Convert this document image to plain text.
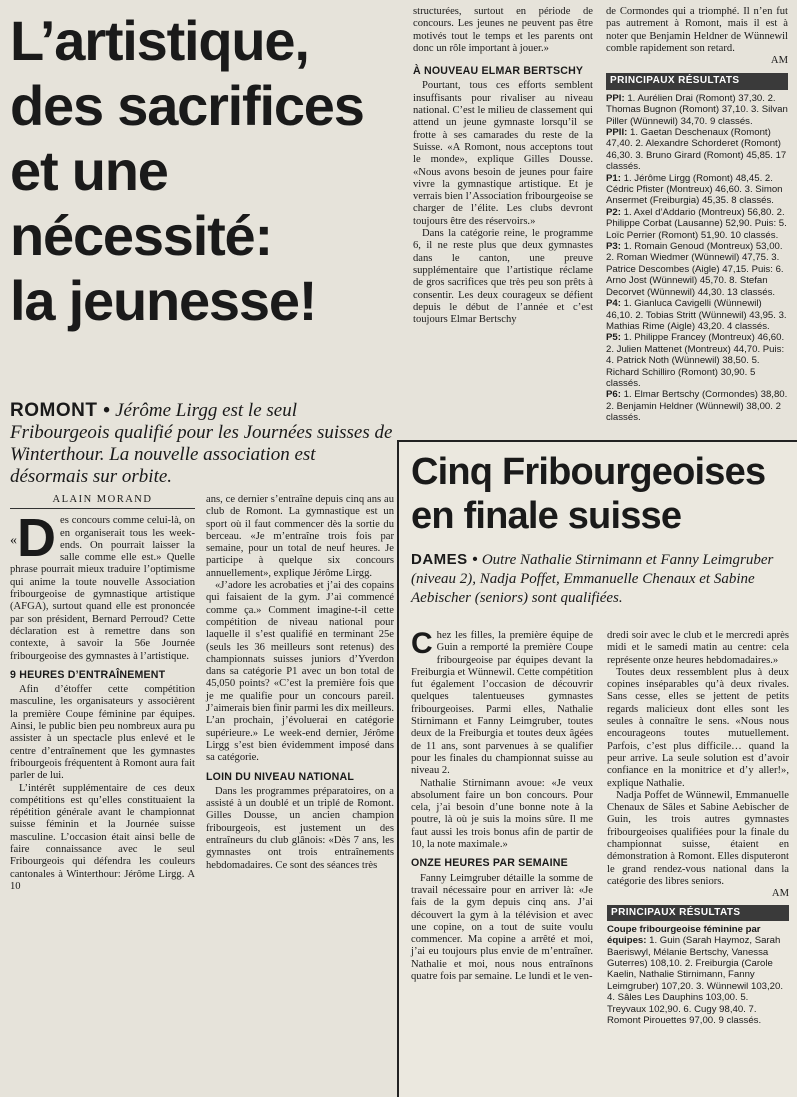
L’artistique,
des sacrifices
et une
nécessité:
la jeunesse!
ROMONT • Jérôme Lirgg est le seul Fribourgeois qualifié pour les Journées suisses de Winterthour. La nouvelle association est désormais sur orbite.
ALAIN MORAND

« D es concours comme celui-là, on en organiserait tous les week-ends. On pourrait laisser la salle comme elle est.» Quelle phrase pourrait mieux traduire l’optimisme qui anime la toute nouvelle Association fribourgeoise de gymnastique artistique (AFGA), surtout quand elle est prononcée par son président, Bernard Perroud? Cette déclaration est à remettre dans son contexte, à savoir la 56e Journée fribourgeoise des gymnastes à l’artistique.

9 HEURES D’ENTRAÎNEMENT

Afin d’étoffer cette compétition masculine, les organisateurs y associèrent la première Coupe féminine par équipes. Ainsi, le public bien peu nombreux aura pu assister à un spectacle plus enlevé et le centre d’entraînement que les gymnastes fribourgeois fréquentent à Romont aura fait parler de lui.

L’intérêt supplémentaire de ces deux compétitions est qu’elles constituaient la répétition générale avant le championnat suisse féminin et la Journée suisse masculine. L’occasion était ainsi belle de faire connaissance avec le seul Fribourgeois qui défendra les couleurs cantonales à Winterthour: Jérôme Lirgg. A 10

ans, ce dernier s’entraîne depuis cinq ans au club de Romont. La gymnastique est un sport où il faut commencer dès la sortie du berceau. «Je m’entraîne trois fois par semaine, pour un total de neuf heures. Je participe à quelque six concours annuellement», explique Jérôme Lirgg.

«J’adore les acrobaties et j’ai des copains qui faisaient de la gym. J’ai commencé comme ça.» Comment imagine-t-il cette compétition de niveau national pour laquelle il s’est qualifié en terminant 25e (seuls les 36 meilleurs sont retenus) des championnats suisses juniors d’Yverdon dans sa catégorie P1 avec un bon total de 45,050 points? «C’est la première fois que je me qualifie pour un concours pareil. J’aimerais bien finir parmi les dix meilleurs. L’an prochain, j’évoluerai en catégorie supérieure.» Le week-end dernier, Jérôme Lirgg s’est bien évidemment imposé dans sa catégorie.

LOIN DU NIVEAU NATIONAL

Dans les programmes préparatoires, on a assisté à un doublé et un triplé de Romont. Gilles Dousse, un ancien champion fribourgeois, est justement un des entraîneurs du club glânois: «Dès 7 ans, les gymnastes ont trois entraînements hebdomadaires. Ce sont des séances très

structurées, surtout en période de concours. Les jeunes ne peuvent pas être motivés tout le temps et les parents ont donc un rôle important à jouer.»

À NOUVEAU ELMAR BERTSCHY

Pourtant, tous ces efforts semblent insuffisants pour rivaliser au niveau national. C’est le milieu de classement qui attend un jeune gymnaste lorsqu’il se frotte à ses camarades du reste de la Suisse. «A Romont, nous acceptons tout le monde», explique Gilles Dousse. «Nous avons besoin de jeunes pour faire vivre la gymnastique artistique. Et je verrais bien l’Association fribourgeoise se charger de l’élite. Les clubs devront toujours être des réservoirs.»

Dans la catégorie reine, le programme 6, il ne reste plus que deux gymnastes dans le canton, une preuve supplémentaire que l’artistique réclame de gros sacrifices que très peu son prêts à consentir. Les deux courageux se défient depuis le début de l’année et c’est toujours Elmar Bertschy

de Cormondes qui a triomphé. Il n’en fut pas autrement à Romont, mais il est à noter que Benjamin Heldner de Wünnewil comble rapidement son retard.

AM
PRINCIPAUX RÉSULTATS
PPI: 1. Aurélien Drai (Romont) 37,30. 2. Thomas Bugnon (Romont) 37,10. 3. Silvan Piller (Wünnewil) 34,70. 9 classés.
PPII: 1. Gaetan Deschenaux (Romont) 47,40. 2. Alexandre Schorderet (Romont) 46,30. 3. Bruno Girard (Romont) 45,85. 17 classés.
P1: 1. Jérôme Lirgg (Romont) 48,45. 2. Cédric Pfister (Montreux) 46,60. 3. Simon Ansermet (Freiburgia) 45,35. 8 classés.
P2: 1. Axel d’Addario (Montreux) 56,80. 2. Philippe Corbat (Lausanne) 52,90. Puis: 5. Loïc Perrier (Romont) 51,90. 10 classés.
P3: 1. Romain Genoud (Montreux) 53,00. 2. Roman Wiedmer (Wünnewil) 47,75. 3. Patrice Descombes (Aigle) 47,15. Puis: 6. Arno Jost (Wünnewil) 45,70. 8. Stefan Decorvet (Wünnewil) 44,30. 13 classés.
P4: 1. Gianluca Cavigelli (Wünnewil) 46,10. 2. Tobias Stritt (Wünnewil) 43,95. 3. Mathias Rime (Aigle) 43,20. 4 classés.
P5: 1. Philippe Francey (Montreux) 46,60. 2. Julien Mattenet (Montreux) 44,70. Puis: 4. Patrick Noth (Wünnewil) 38,50. 5. Richard Schilliro (Romont) 30,90. 5 classés.
P6: 1. Elmar Bertschy (Cormondes) 38,80. 2. Benjamin Heldner (Wünnewil) 38,00. 2 classés.
Cinq Fribourgeoises
en finale suisse
DAMES • Outre Nathalie Stirnimann et Fanny Leimgruber (niveau 2), Nadja Poffet, Emmanuelle Chenaux et Sabine Aebischer (seniors) sont qualifiées.

Chez les filles, la première équipe de Guin a remporté la première Coupe fribourgeoise par équipes devant la Freiburgia et Wünnewil. Cette compétition fut également l’occasion de découvrir quelques talentueuses gymnastes fribourgeoises. Parmi elles, Nathalie Stirnimann et Fanny Leimgruber, toutes deux de la Freiburgia et toutes deux âgées de 11 ans, sont parvenues à se qualifier pour les finales du championnat suisse au niveau 2.

Nathalie Stirnimann avoue: «Je veux absolument faire un bon concours. Pour cela, j’ai besoin d’une bonne note à la poutre, là où je suis la moins sûre. Il me faut aussi les trois bonus afin de partir de 10, la note maximale.»

ONZE HEURES PAR SEMAINE

Fanny Leimgruber détaille la somme de travail nécessaire pour en arriver là: «Je fais de la gym depuis cinq ans. J’ai découvert la gym à la télévision et avec une copine, on a tout de suite voulu commencer. Ma copine a arrêté et moi, j’ai eu toujours plus envie de m’entraîner. Nathalie et moi, nous nous entraînons quatre fois par semaine. Le lundi et le ven-

dredi soir avec le club et le mercredi après midi et le samedi matin au centre: cela représente onze heures hebdomadaires.»

Toutes deux ressemblent plus à deux copines inséparables qu’à deux rivales. Sans cesse, elles se jettent de petits regards malicieux dont elles sont les seules à connaître le sens. «Nous nous encourageons toutes mutuellement. Parfois, c’est plus difficile… quand la peur arrive. La seule solution est d’avoir confiance en la monitrice et d’y aller!», explique Nathalie.

Nadja Poffet de Wünnewil, Emmanuelle Chenaux de Sâles et Sabine Aebischer de Guin, les trois autres gymnastes fribourgeoises qualifiées pour la finale du championnat suisse, étaient en démonstration à Romont. Elles disputeront le grand rendez-vous national dans la catégorie des libres seniors.

AM
PRINCIPAUX RÉSULTATS
Coupe fribourgeoise féminine par équipes: 1. Guin (Sarah Haymoz, Sarah Baeriswyl, Mélanie Bertschy, Vanessa Guterres) 108,10. 2. Freiburgia (Carole Kaelin, Nathalie Stirnimann, Fanny Leimgruber) 107,20. 3. Wünnewil 103,20. 4. Sâles Les Dauphins 103,00. 5. Treyvaux 102,90. 6. Cugy 98,40. 7. Romont Pirouettes 97,00. 9 classés.
